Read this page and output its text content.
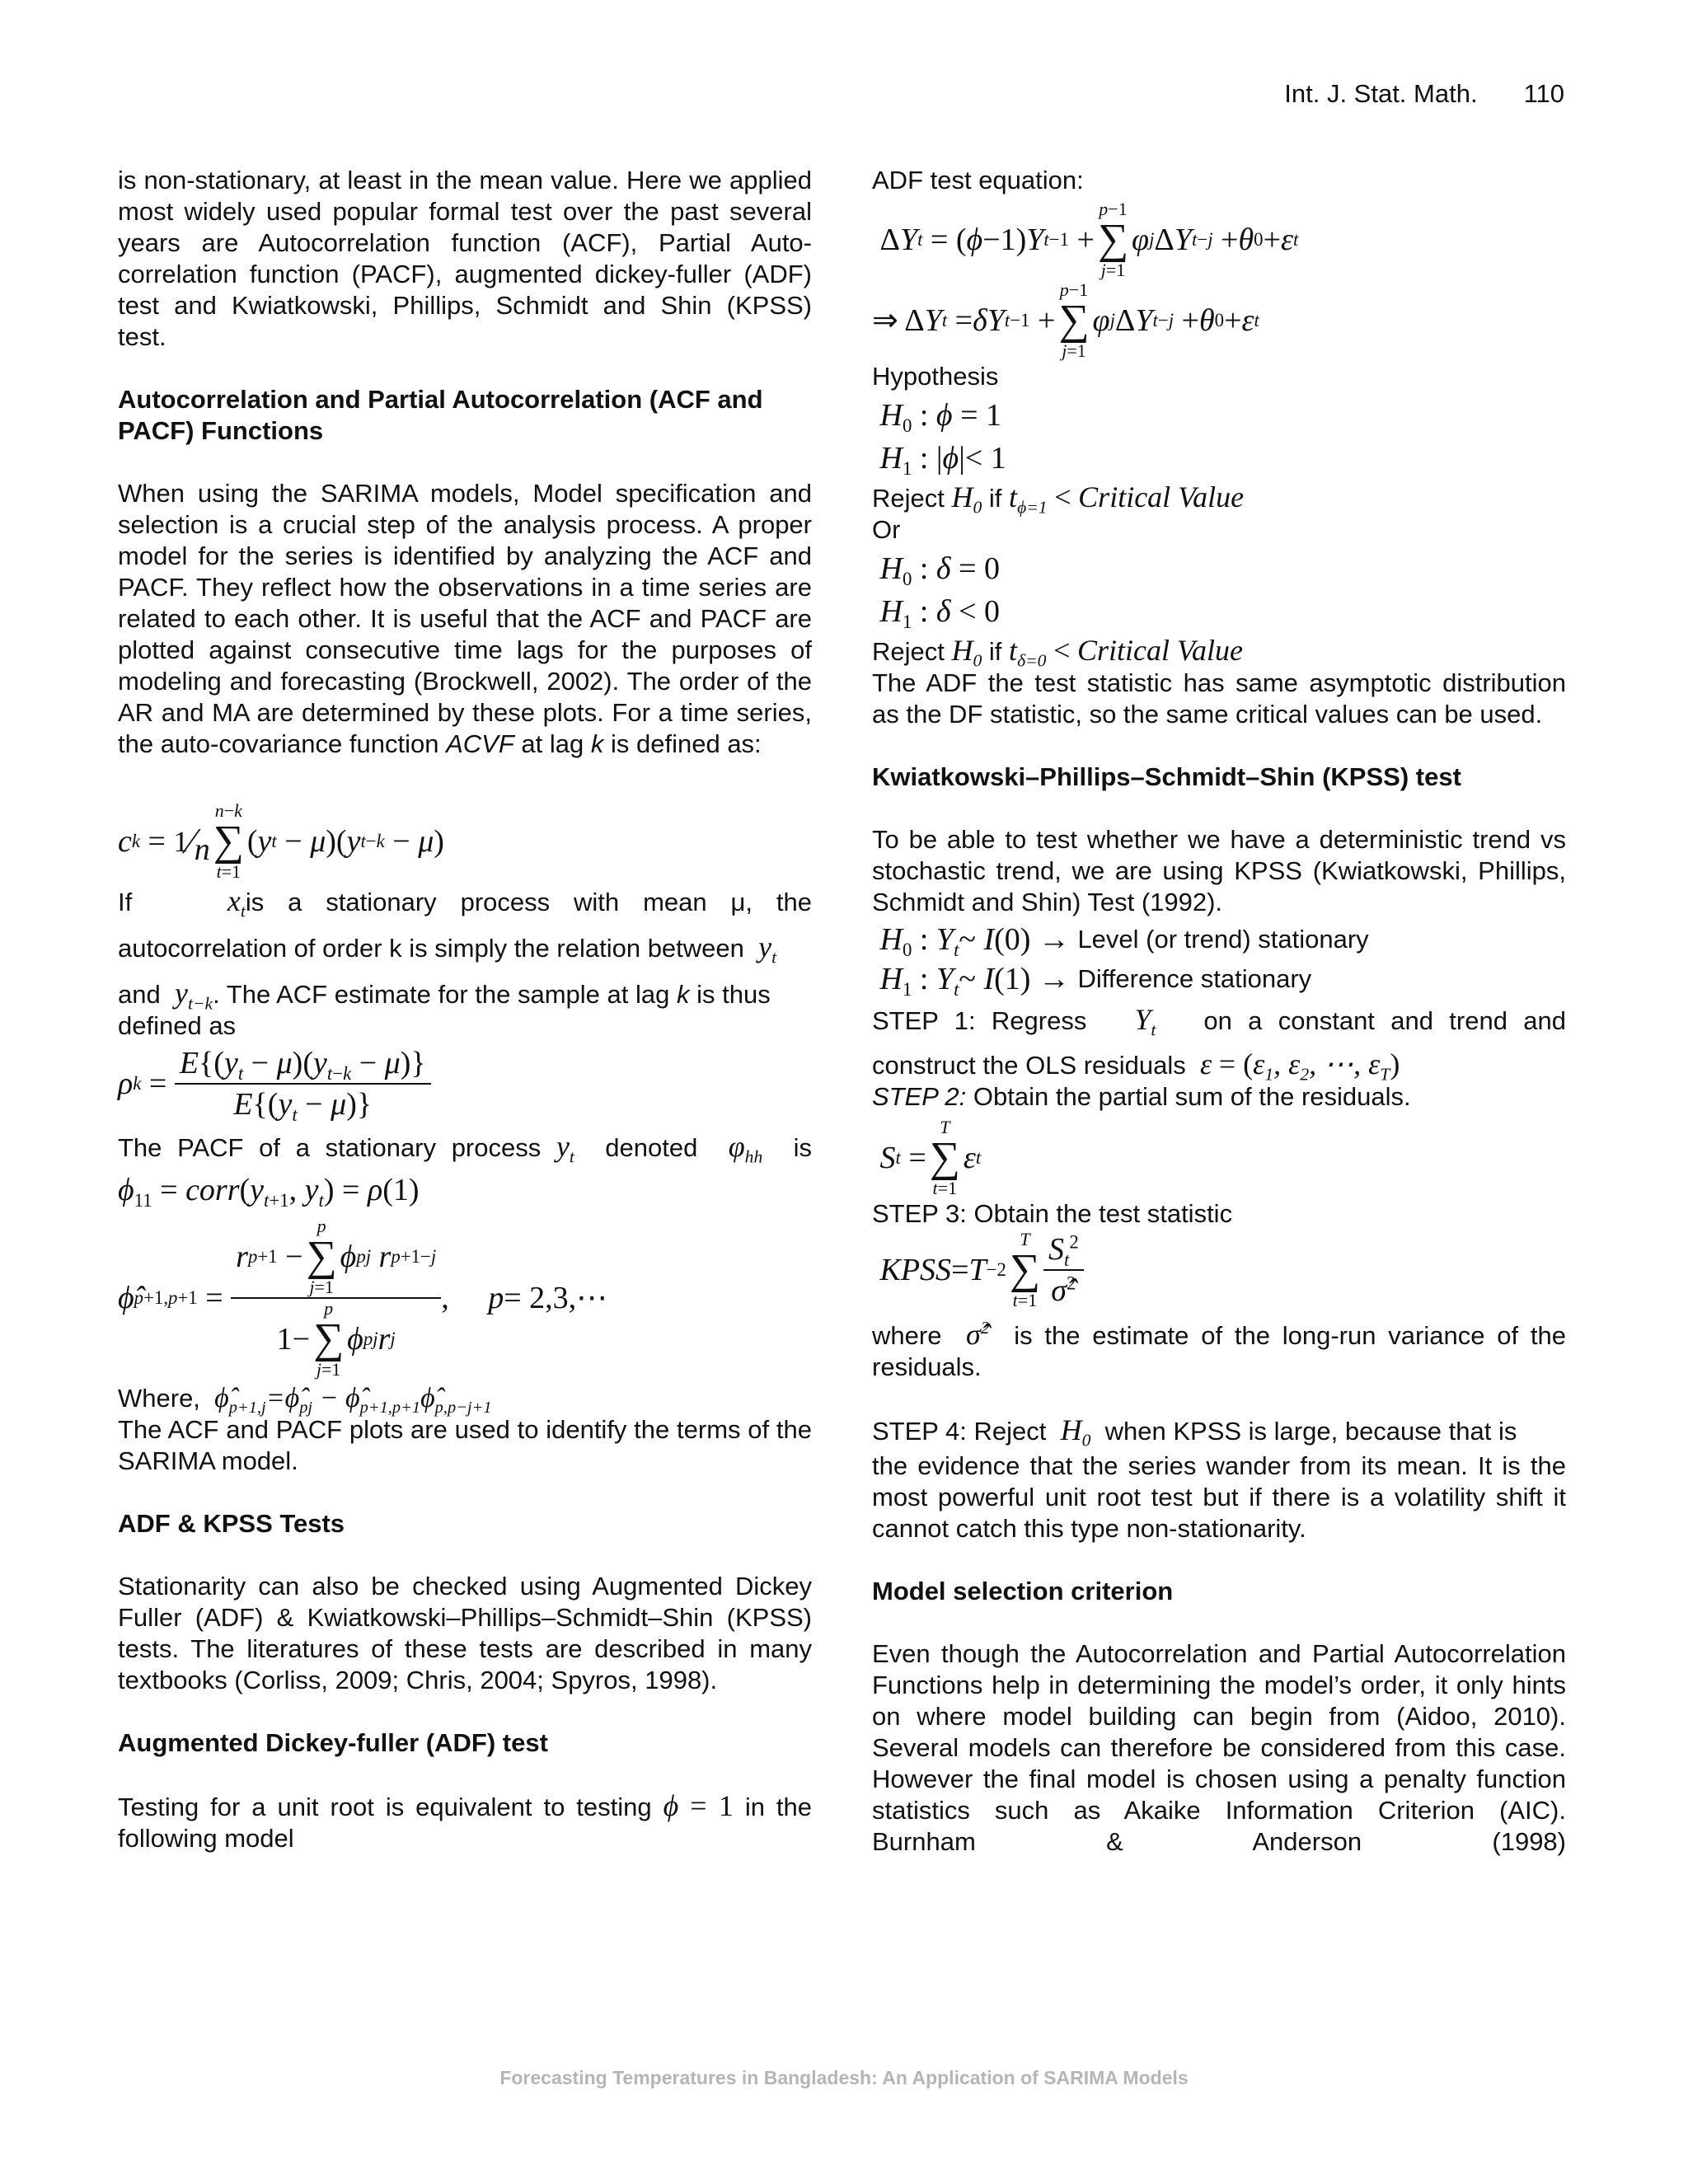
Int. J. Stat. Math. 110

is non-stationary, at least in the mean value. Here we applied most widely used popular formal test over the past several years are Autocorrelation function (ACF), Partial Auto-correlation function (PACF), augmented dickey-fuller (ADF) test and Kwiatkowski, Phillips, Schmidt and Shin (KPSS) test.

Autocorrelation and Partial Autocorrelation (ACF and PACF) Functions

When using the SARIMA models, Model specification and selection is a crucial step of the analysis process. A proper model for the series is identified by analyzing the ACF and PACF. They reflect how the observations in a time series are related to each other. It is useful that the ACF and PACF are plotted against consecutive time lags for the purposes of modeling and forecasting (Brockwell, 2002). The order of the AR and MA are determined by these plots. For a time series, the auto-covariance function ACVF at lag k is defined as:

c k = 1 ⁄ n
n−k
∑
t=1
( y t − μ )( y t−k − μ )

If	$x_tis$ a stationary process with mean μ, the

autocorrelation of order k is simply the relation between $y_t$

and $y_{t-k}$. The ACF estimate for the sample at lag k is thus

defined as

ρ $k = \frac{E\{(y_t - \mu)(y_{t-k} - \mu)\}}{E\{(y_t - \mu)\}}$

The PACF of a stationary process $y_t$ denoted $\varphi_{hh}$ is

$\phi_{11}$ = $corr(y_{t+1}$, $y_t) = \rho(1)$
ϕ̂ p+1,p+1 =
r p+1 −
p
∑
j=1
ϕ pj
r p+1−j
1−
p
∑
j=1
ϕ pj r j
, p = 2,3,⋯

Where, $\phî_{p+1,j}=\phî_{pj}$ − $\phî_{p+1,p+1}\phî_{p,p-j+1}$

The ACF and PACF plots are used to identify the terms of the SARIMA model.

ADF & KPSS Tests

Stationarity can also be checked using Augmented Dickey Fuller (ADF) & Kwiatkowski–Phillips–Schmidt–Shin (KPSS) tests. The literatures of these tests are described in many textbooks (Corliss, 2009; Chris, 2004; Spyros, 1998).

Augmented Dickey-fuller (ADF) test

Testing for a unit root is equivalent to testing ϕ = 1 in the

following model

ADF test equation:

Δ Y t = ( ϕ −1) Y t−1 +
p−1
∑
j=1
φ j Δ Y t−j + θ 0 + ε t
⇒ Δ Y t = δY t−1 +
p−1
∑
j=1
φ j Δ Y t−j + θ 0 + ε t

Hypothesis

$H_0$ : ϕ = 1
$H_1$ : |ϕ|< 1

Reject $H_0$ if $t_{\phi=1}$ < Critical Value

Or

$H_0$ : δ = 0
$H_1$ : δ < 0

Reject $H_0$ if $t_{\delta=0}$ < Critical Value

The ADF the test statistic has same asymptotic distribution as the DF statistic, so the same critical values can be used.

Kwiatkowski–Phillips–Schmidt–Shin (KPSS) test

To be able to test whether we have a deterministic trend vs stochastic trend, we are using KPSS (Kwiatkowski, Phillips, Schmidt and Shin) Test (1992).

$H_0$ : $Y_t\sim$ I(0) → Level (or trend) stationary
$H_1$ : $Y_t\sim$ I(1) → Difference stationary

STEP 1: Regress $Y_t$ on a constant and trend and

construct the OLS residuals $\varepsilon = (\varepsilon_1$, $\varepsilon_2$, ⋯, $\varepsilon_T$)

STEP 2: Obtain the partial sum of the residuals.

S t =
T
∑
t=1
ε t

STEP 3: Obtain the test statistic

KPSS = T −2
T
∑
$t=1 \frac{S_t^2}{\sigmâ^2}$

where σ̂$^2$ is the estimate of the long-run variance of the residuals.

STEP 4: Reject $H_0$ when KPSS is large, because that is

the evidence that the series wander from its mean. It is the most powerful unit root test but if there is a volatility shift it cannot catch this type non-stationarity.

Model selection criterion

Even though the Autocorrelation and Partial Autocorrelation Functions help in determining the model’s order, it only hints on where model building can begin from (Aidoo, 2010). Several models can therefore be considered from this case. However the final model is chosen using a penalty function statistics such as Akaike Information Criterion (AIC). Burnham & Anderson (1998)

Forecasting Temperatures in Bangladesh: An Application of SARIMA Models
